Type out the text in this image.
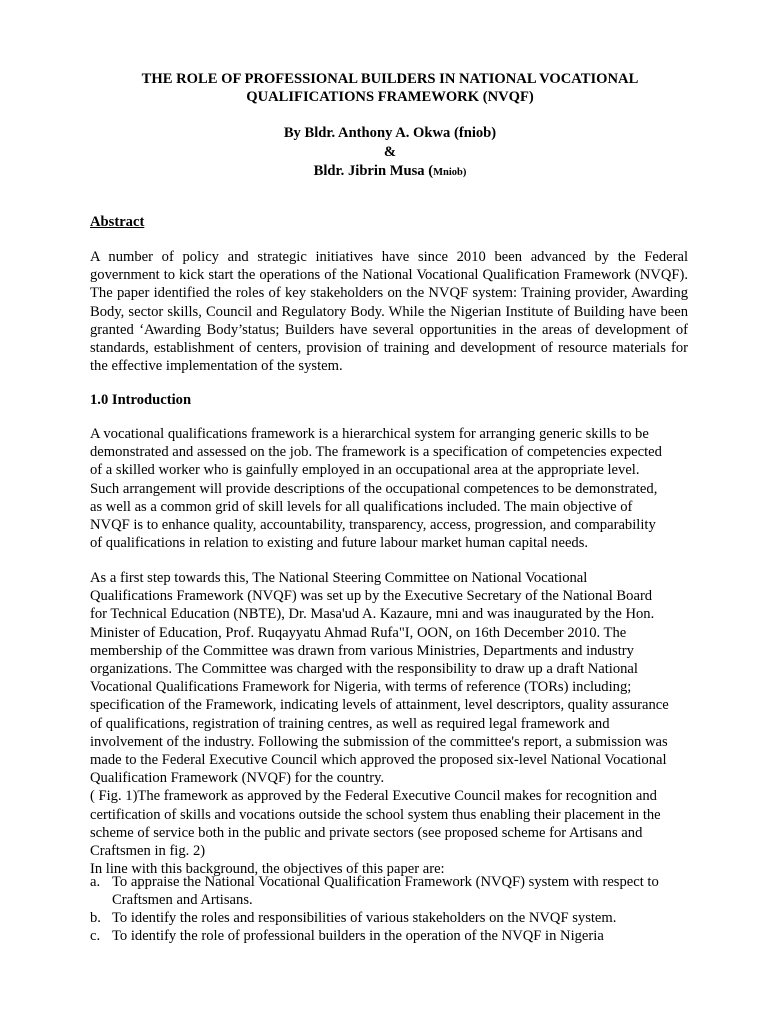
THE ROLE OF PROFESSIONAL BUILDERS IN NATIONAL VOCATIONAL
QUALIFICATIONS FRAMEWORK (NVQF)
By Bldr. Anthony A. Okwa (fniob)
&
Bldr. Jibrin Musa (Mniob)
Abstract
A number of policy and strategic initiatives have since 2010 been advanced by the Federal government to kick start the operations of the National Vocational Qualification Framework (NVQF). The paper identified the roles of key stakeholders on the NVQF system: Training provider, Awarding Body, sector skills, Council and Regulatory Body. While the Nigerian Institute of Building have been granted ‘Awarding Body’status; Builders have several opportunities in the areas of development of standards, establishment of centers, provision of training and development of resource materials for the effective implementation of the system.
1.0 Introduction
A vocational qualifications framework is a hierarchical system for arranging generic skills to be
demonstrated and assessed on the job. The framework is a specification of competencies expected
of a skilled worker who is gainfully employed in an occupational area at the appropriate level.
Such arrangement will provide descriptions of the occupational competences to be demonstrated,
as well as a common grid of skill levels for all qualifications included. The main objective of
NVQF is to enhance quality, accountability, transparency, access, progression, and comparability
of qualifications in relation to existing and future labour market human capital needs.
As a first step towards this, The National Steering Committee on National Vocational
Qualifications Framework (NVQF) was set up by the Executive Secretary of the National Board
for Technical Education (NBTE), Dr. Masa'ud A. Kazaure, mni and was inaugurated by the Hon.
Minister of Education, Prof. Ruqayyatu Ahmad Rufa"I, OON, on 16th December 2010. The
membership of the Committee was drawn from various Ministries, Departments and industry
organizations. The Committee was charged with the responsibility to draw up a draft National
Vocational Qualifications Framework for Nigeria, with terms of reference (TORs) including;
specification of the Framework, indicating levels of attainment, level descriptors, quality assurance
of qualifications, registration of training centres, as well as required legal framework and
involvement of the industry. Following the submission of the committee's report, a submission was
made to the Federal Executive Council which approved the proposed six-level National Vocational
Qualification Framework (NVQF) for the country.
( Fig. 1)The framework as approved by the Federal Executive Council makes for recognition and
certification of skills and vocations outside the school system thus enabling their placement in the
scheme of service both in the public and private sectors (see proposed scheme for Artisans and
Craftsmen in fig. 2)
In line with this background, the objectives of this paper are:
a. To appraise the National Vocational Qualification Framework (NVQF) system with respect to
Craftsmen and Artisans.
b. To identify the roles and responsibilities of various stakeholders on the NVQF system.
c. To identify the role of professional builders in the operation of the NVQF in Nigeria
